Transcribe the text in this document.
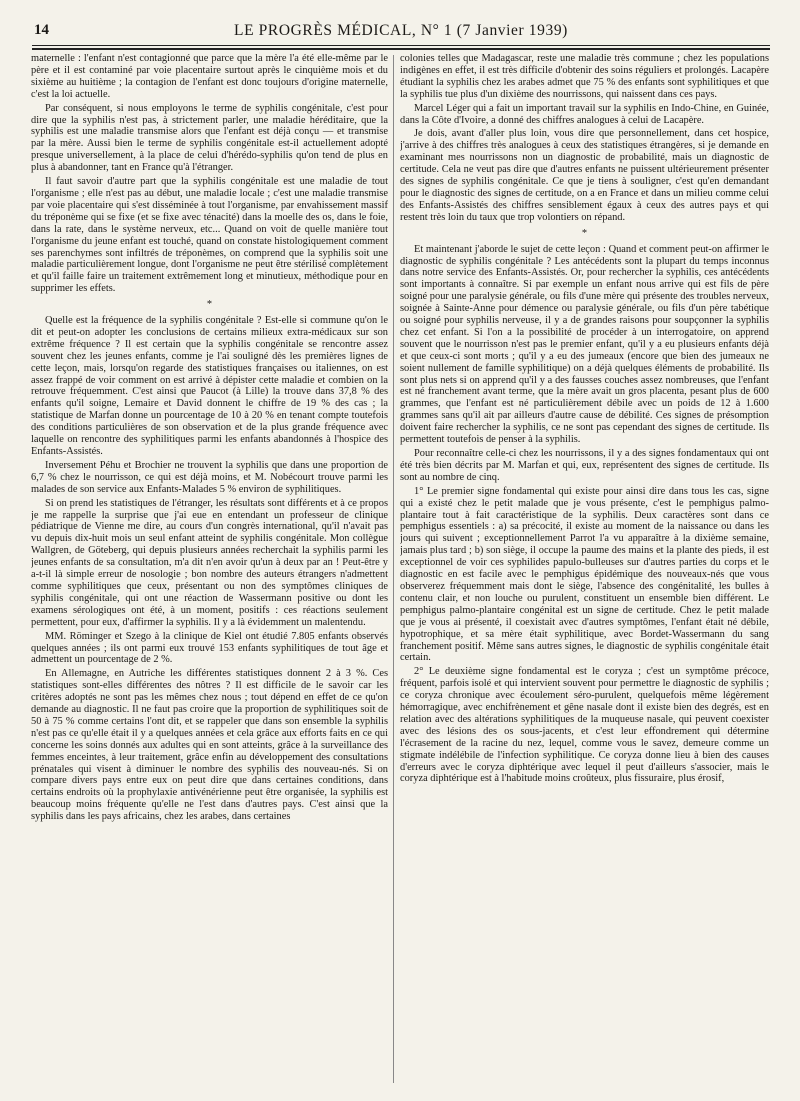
14	LE PROGRÈS MÉDICAL, N° 1 (7 Janvier 1939)

maternelle : l'enfant n'est contagionné que parce que la mère l'a été elle-même par le père et il est contaminé par voie placentaire surtout après le cinquième mois et du sixième au huitième ; la contagion de l'enfant est donc toujours d'origine maternelle, c'est la loi actuelle.

Par conséquent, si nous employons le terme de syphilis congénitale, c'est pour dire que la syphilis n'est pas, à strictement parler, une maladie héréditaire, que la syphilis est une maladie transmise alors que l'enfant est déjà conçu — et transmise par la mère. Aussi bien le terme de syphilis congénitale est-il actuellement adopté presque universellement, à la place de celui d'hérédo-syphilis qu'on tend de plus en plus à abandonner, tant en France qu'à l'étranger.

Il faut savoir d'autre part que la syphilis congénitale est une maladie de tout l'organisme ; elle n'est pas au début, une maladie locale ; c'est une maladie transmise par voie placentaire qui s'est disséminée à tout l'organisme, par envahissement massif du tréponème qui se fixe (et se fixe avec ténacité) dans la moelle des os, dans le foie, dans la rate, dans le système nerveux, etc... Quand on voit de quelle manière tout l'organisme du jeune enfant est touché, quand on constate histologiquement comment ses parenchymes sont infiltrés de tréponèmes, on comprend que la syphilis soit une maladie particulièrement longue, dont l'organisme ne peut être stérilisé complètement et qu'il faille faire un traitement extrêmement long et minutieux, méthodique pour en supprimer les effets.

*

Quelle est la fréquence de la syphilis congénitale ? Est-elle si commune qu'on le dit et peut-on adopter les conclusions de certains milieux extra-médicaux sur son extrême fréquence ? Il est certain que la syphilis congénitale se rencontre assez souvent chez les jeunes enfants, comme je l'ai souligné dès les premières lignes de cette leçon, mais, lorsqu'on regarde des statistiques françaises ou italiennes, on est assez frappé de voir comment on est arrivé à dépister cette maladie et combien on la retrouve fréquemment. C'est ainsi que Paucot (à Lille) la trouve dans 37,8 % des enfants qu'il soigne, Lemaire et David donnent le chiffre de 19 % des cas ; la statistique de Marfan donne un pourcentage de 10 à 20 % en tenant compte toutefois des conditions particulières de son observation et de la plus grande fréquence avec laquelle on rencontre des syphilitiques parmi les enfants abandonnés à l'hospice des Enfants-Assistés.

Inversement Péhu et Brochier ne trouvent la syphilis que dans une proportion de 6,7 % chez le nourrisson, ce qui est déjà moins, et M. Nobécourt trouve parmi les malades de son service aux Enfants-Malades 5 % environ de syphilitiques.

Si on prend les statistiques de l'étranger, les résultats sont différents et à ce propos je me rappelle la surprise que j'ai eue en entendant un professeur de clinique pédiatrique de Vienne me dire, au cours d'un congrès international, qu'il n'avait pas vu depuis dix-huit mois un seul enfant atteint de syphilis congénitale. Mon collègue Wallgren, de Göteberg, qui depuis plusieurs années recherchait la syphilis parmi les jeunes enfants de sa consultation, m'a dit n'en avoir qu'un à deux par an ! Peut-être y a-t-il là simple erreur de nosologie ; bon nombre des auteurs étrangers n'admettent comme syphilitiques que ceux, présentant ou non des symptômes cliniques de syphilis congénitale, qui ont une réaction de Wassermann positive ou dont les examens sérologiques ont été, à un moment, positifs : ces réactions seulement permettent, pour eux, d'affirmer la syphilis. Il y a là évidemment un malentendu.

MM. Röminger et Szego à la clinique de Kiel ont étudié 7.805 enfants observés quelques années ; ils ont parmi eux trouvé 153 enfants syphilitiques de tout âge et admettent un pourcentage de 2 %.

En Allemagne, en Autriche les différentes statistiques donnent 2 à 3 %. Ces statistiques sont-elles différentes des nôtres ? Il est difficile de le savoir car les critères adoptés ne sont pas les mêmes chez nous ; tout dépend en effet de ce qu'on demande au diagnostic. Il ne faut pas croire que la proportion de syphilitiques soit de 50 à 75 % comme certains l'ont dit, et se rappeler que dans son ensemble la syphilis n'est pas ce qu'elle était il y a quelques années et cela grâce aux efforts faits en ce qui concerne les soins donnés aux adultes qui en sont atteints, grâce à la surveillance des femmes enceintes, à leur traitement, grâce enfin au développement des consultations prénatales qui visent à diminuer le nombre des syphilis des nouveau-nés. Si on compare divers pays entre eux on peut dire que dans certaines conditions, dans certains endroits où la prophylaxie antivénérienne peut être organisée, la syphilis est beaucoup moins fréquente qu'elle ne l'est dans d'autres pays. C'est ainsi que la syphilis dans les pays africains, chez les arabes, dans certaines

colonies telles que Madagascar, reste une maladie très commune ; chez les populations indigènes en effet, il est très difficile d'obtenir des soins réguliers et prolongés. Lacapère étudiant la syphilis chez les arabes admet que 75 % des enfants sont syphilitiques et que la syphilis tue plus d'un dixième des nourrissons, qui naissent dans ces pays.

Marcel Léger qui a fait un important travail sur la syphilis en Indo-Chine, en Guinée, dans la Côte d'Ivoire, a donné des chiffres analogues à celui de Lacapère.

Je dois, avant d'aller plus loin, vous dire que personnellement, dans cet hospice, j'arrive à des chiffres très analogues à ceux des statistiques étrangères, si je demande en examinant mes nourrissons non un diagnostic de probabilité, mais un diagnostic de certitude. Cela ne veut pas dire que d'autres enfants ne puissent ultérieurement présenter des signes de syphilis congénitale. Ce que je tiens à souligner, c'est qu'en demandant pour le diagnostic des signes de certitude, on a en France et dans un milieu comme celui des Enfants-Assistés des chiffres sensiblement égaux à ceux des autres pays et qui restent très loin du taux que trop volontiers on répand.

*

Et maintenant j'aborde le sujet de cette leçon : Quand et comment peut-on affirmer le diagnostic de syphilis congénitale ? Les antécédents sont la plupart du temps inconnus dans notre service des Enfants-Assistés. Or, pour rechercher la syphilis, ces antécédents sont importants à connaître. Si par exemple un enfant nous arrive qui est fils de père soigné pour une paralysie générale, ou fils d'une mère qui présente des troubles nerveux, soignée à Sainte-Anne pour démence ou paralysie générale, ou fils d'un père tabétique ou soigné pour syphilis nerveuse, il y a de grandes raisons pour soupçonner la syphilis chez cet enfant. Si l'on a la possibilité de procéder à un interrogatoire, on apprend souvent que le nourrisson n'est pas le premier enfant, qu'il y a eu plusieurs enfants déjà et que ceux-ci sont morts ; qu'il y a eu des jumeaux (encore que bien des jumeaux ne soient nullement de famille syphilitique) on a déjà quelques éléments de probabilité. Ils sont plus nets si on apprend qu'il y a des fausses couches assez nombreuses, que l'enfant est né franchement avant terme, que la mère avait un gros placenta, pesant plus de 600 grammes, que l'enfant est né particulièrement débile avec un poids de 12 à 1.600 grammes sans qu'il ait par ailleurs d'autre cause de débilité. Ces signes de présomption doivent faire rechercher la syphilis, ce ne sont pas cependant des signes de certitude. Ils permettent toutefois de penser à la syphilis.

Pour reconnaître celle-ci chez les nourrissons, il y a des signes fondamentaux qui ont été très bien décrits par M. Marfan et qui, eux, représentent des signes de certitude. Ils sont au nombre de cinq.

1° Le premier signe fondamental qui existe pour ainsi dire dans tous les cas, signe qui a existé chez le petit malade que je vous présente, c'est le pemphigus palmo-plantaire tout à fait caractéristique de la syphilis. Deux caractères sont dans ce pemphigus essentiels : a) sa précocité, il existe au moment de la naissance ou dans les jours qui suivent ; exceptionnellement Parrot l'a vu apparaître à la dixième semaine, jamais plus tard ; b) son siège, il occupe la paume des mains et la plante des pieds, il est exceptionnel de voir ces syphilides papulo-bulleuses sur d'autres parties du corps et le diagnostic en est facile avec le pemphigus épidémique des nouveaux-nés que vous observerez fréquemment mais dont le siège, l'absence des congénitalité, les bulles à contenu clair, et non louche ou purulent, constituent un ensemble bien différent. Le pemphigus palmo-plantaire congénital est un signe de certitude. Chez le petit malade que je vous ai présenté, il coexistait avec d'autres symptômes, l'enfant était né débile, hypotrophique, et sa mère était syphilitique, avec Bordet-Wassermann du sang franchement positif. Même sans autres signes, le diagnostic de syphilis congénitale était certain.

2° Le deuxième signe fondamental est le coryza ; c'est un symptôme précoce, fréquent, parfois isolé et qui intervient souvent pour permettre le diagnostic de syphilis ; ce coryza chronique avec écoulement séro-purulent, quelquefois même légèrement hémorragique, avec enchifrènement et gêne nasale dont il existe bien des degrés, est en relation avec des altérations syphilitiques de la muqueuse nasale, qui peuvent coexister avec des lésions des os sous-jacents, et c'est leur effondrement qui détermine l'écrasement de la racine du nez, lequel, comme vous le savez, demeure comme un stigmate indélébile de l'infection syphilitique. Ce coryza donne lieu à bien des causes d'erreurs avec le coryza diphtérique avec lequel il peut d'ailleurs s'associer, mais le coryza diphtérique est à l'habitude moins croûteux, plus fissuraire, plus érosif,
